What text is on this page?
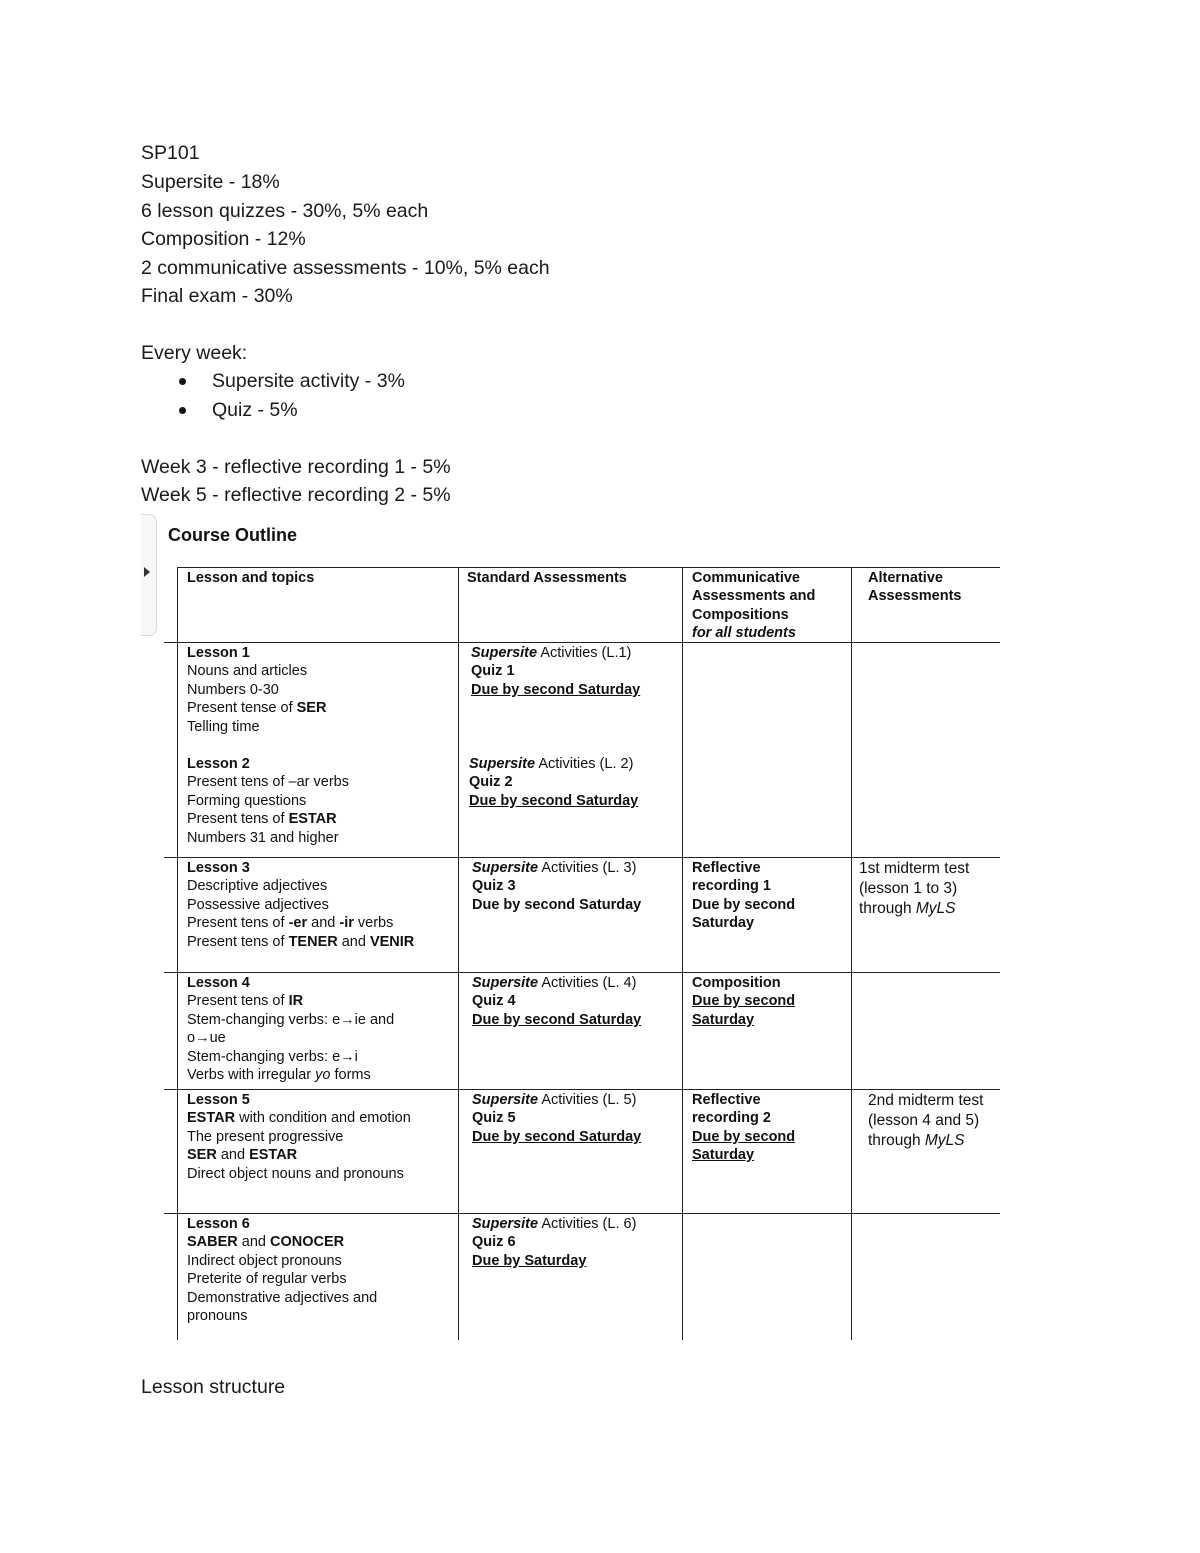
SP101
Supersite - 18%
6 lesson quizzes - 30%, 5% each
Composition - 12%
2 communicative assessments - 10%, 5% each
Final exam - 30%
Every week:
Supersite activity - 3%
Quiz - 5%
Week 3 - reflective recording 1 - 5%
Week 5 - reflective recording 2 - 5%
Course Outline
Lesson and topics	Standard Assessments	Communicative
Assessments and
Compositions
for all students
Alternative
Assessments
Lesson 1
Nouns and articles
Numbers 0-30
Present tense of SER
Telling time
Supersite Activities (L.1)
Quiz 1
Due by second Saturday
Lesson 2
Present tens of –ar verbs
Forming questions
Present tens of ESTAR
Numbers 31 and higher
Supersite Activities (L. 2)
Quiz 2
Due by second Saturday
Lesson 3
Descriptive adjectives
Possessive adjectives
Present tens of -er and -ir verbs
Present tens of TENER and VENIR
Supersite Activities (L. 3)
Quiz 3
Due by second Saturday
Reflective
recording 1
Due by second
Saturday
1st midterm test
(lesson 1 to 3)
through MyLS
Lesson 4
Present tens of IR
Stem-changing verbs: e→ie and
o→ue
Stem-changing verbs: e→i
Verbs with irregular yo forms
Supersite Activities (L. 4)
Quiz 4
Due by second Saturday
Composition
Due by second
Saturday
Lesson 5
ESTAR with condition and emotion
The present progressive
SER and ESTAR
Direct object nouns and pronouns
Supersite Activities (L. 5)
Quiz 5
Due by second Saturday
Reflective
recording 2
Due by second
Saturday
2nd midterm test
(lesson 4 and 5)
through MyLS
Lesson 6
SABER and CONOCER
Indirect object pronouns
Preterite of regular verbs
Demonstrative adjectives and
pronouns
Supersite Activities (L. 6)
Quiz 6
Due by Saturday
Lesson structure
